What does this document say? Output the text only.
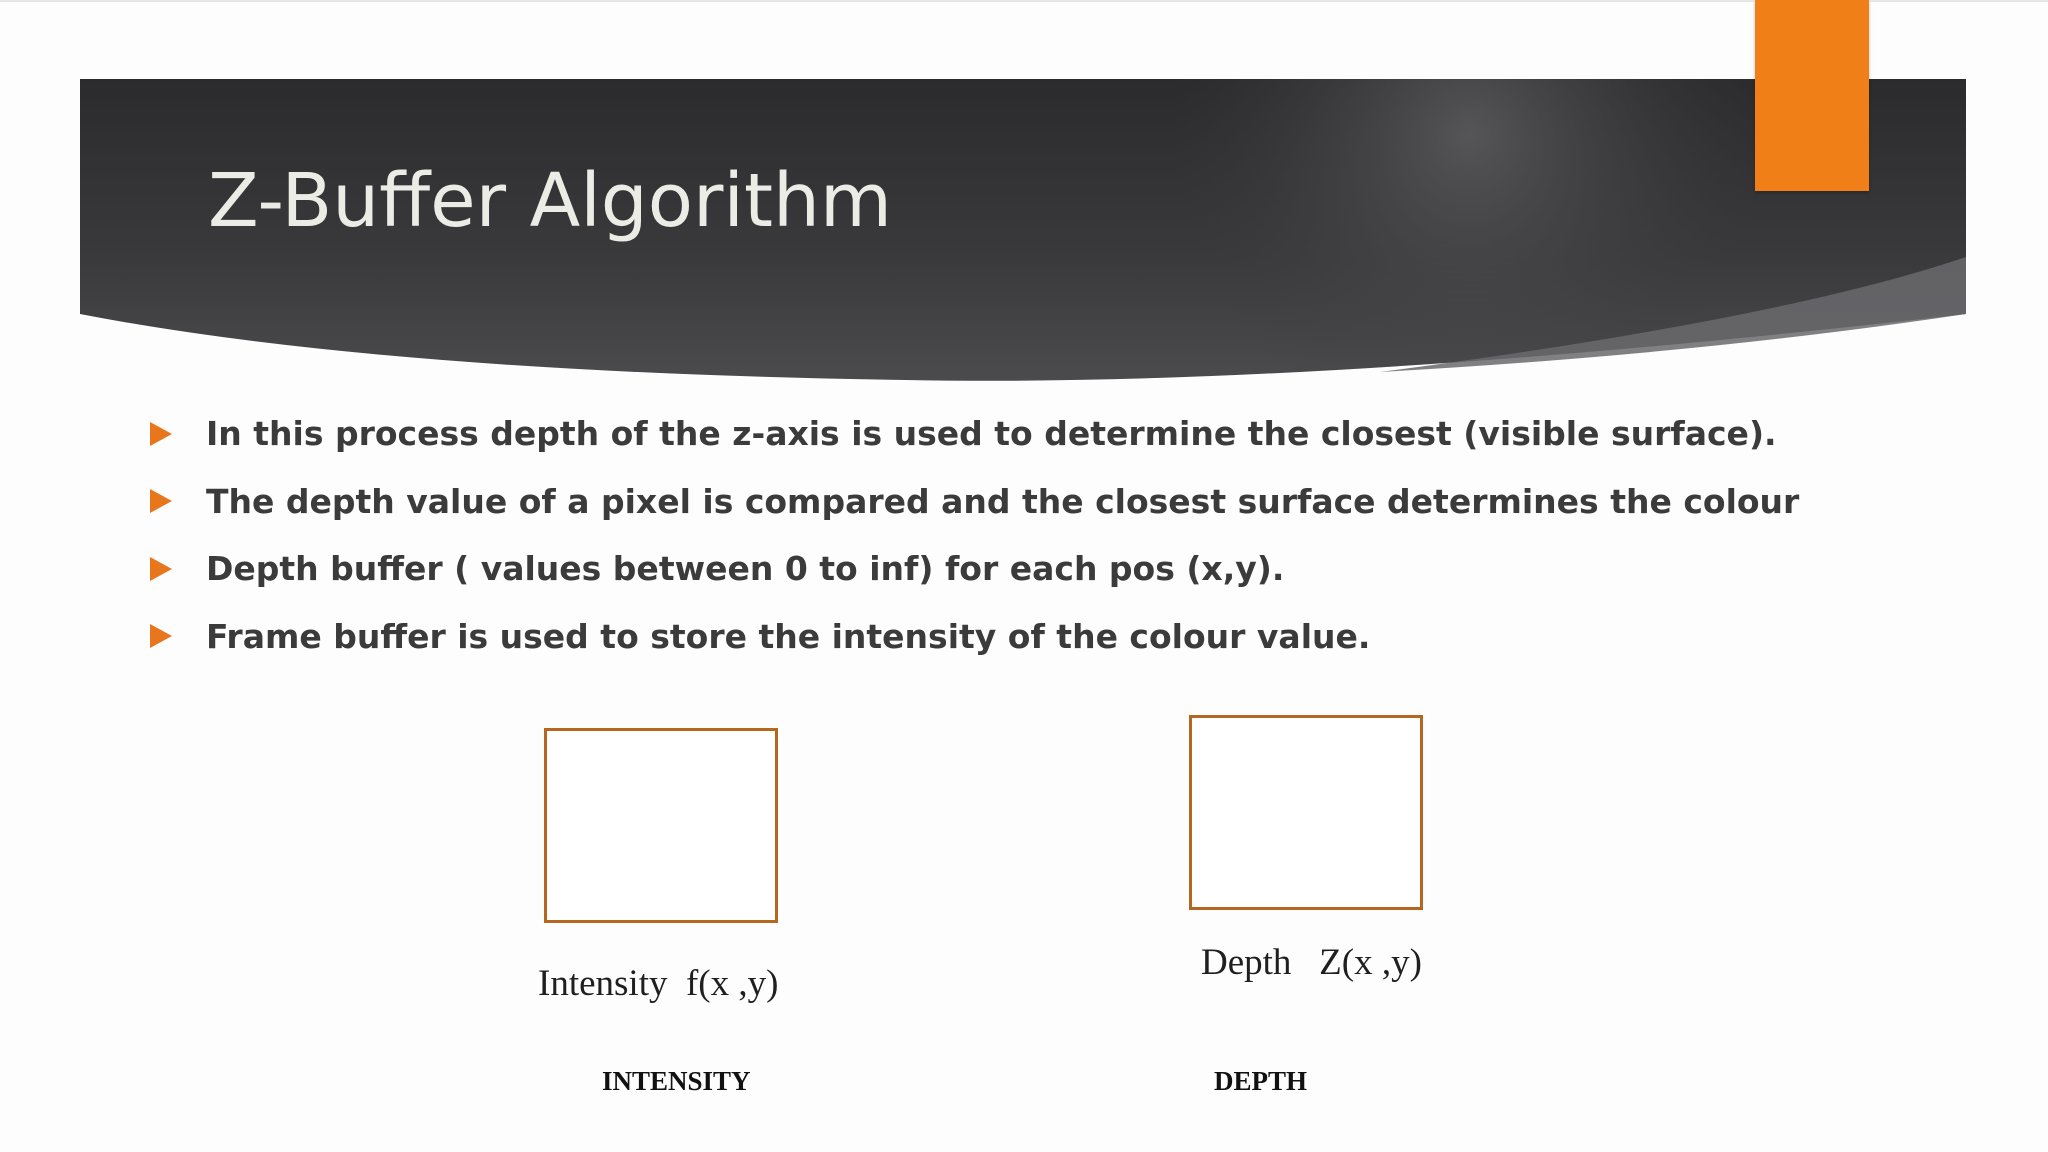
Z-Buffer Algorithm
In this process depth of the z-axis is used to determine the closest (visible surface).
The depth value of a pixel is compared and the closest surface determines the colour
Depth buffer ( values between 0 to inf) for each pos (x,y).
Frame buffer is used to store the intensity of the colour value.
Intensity  f(x ,y)
Depth   Z(x ,y)
INTENSITY	DEPTH
